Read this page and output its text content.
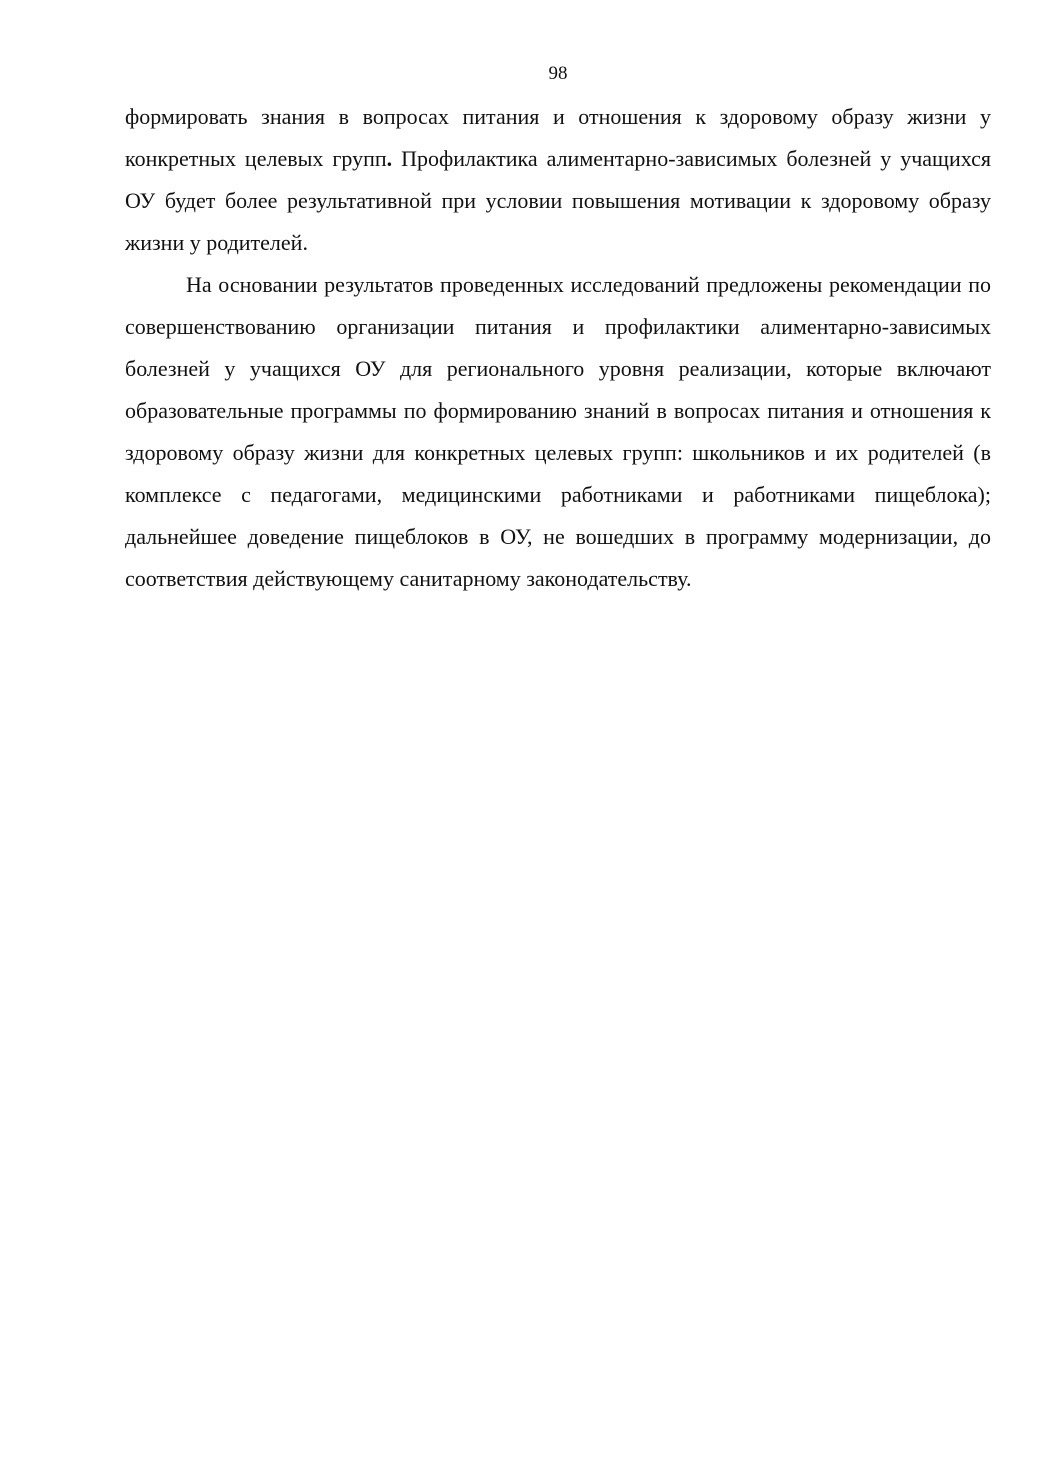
98

формировать знания в вопросах питания и отношения к здоровому образу жизни у конкретных целевых групп. Профилактика алиментарно-зависимых болезней у учащихся ОУ будет более результативной при условии повышения мотивации к здоровому образу жизни у родителей.

На основании результатов проведенных исследований предложены рекомендации по совершенствованию организации питания и профилактики алиментарно-зависимых болезней у учащихся ОУ для регионального уровня реализации, которые включают образовательные программы по формированию знаний в вопросах питания и отношения к здоровому образу жизни для конкретных целевых групп: школьников и их родителей (в комплексе с педагогами, медицинскими работниками и работниками пищеблока); дальнейшее доведение пищеблоков в ОУ, не вошедших в программу модернизации, до соответствия действующему санитарному законодательству.
